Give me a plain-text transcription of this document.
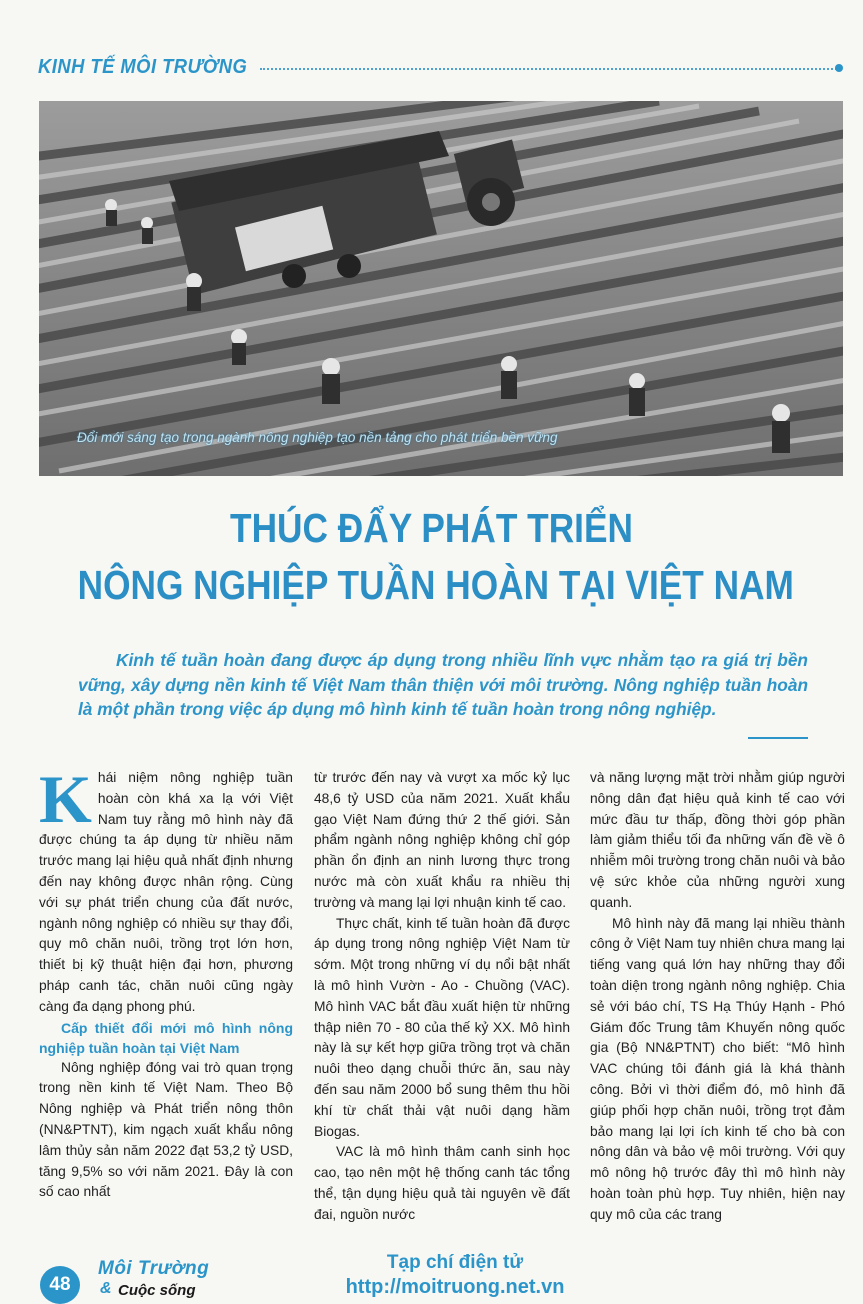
KINH TẾ MÔI TRƯỜNG
Đổi mới sáng tạo trong ngành nông nghiệp tạo nền tảng cho phát triển bền vững
THÚC ĐẨY PHÁT TRIỂN
NÔNG NGHIỆP TUẦN HOÀN TẠI VIỆT NAM
Kinh tế tuần hoàn đang được áp dụng trong nhiều lĩnh vực nhằm tạo ra giá trị bền vững, xây dựng nền kinh tế Việt Nam thân thiện với môi trường. Nông nghiệp tuần hoàn là một phần trong việc áp dụng mô hình kinh tế tuần hoàn trong nông nghiệp.

Khái niệm nông nghiệp tuần hoàn còn khá xa lạ với Việt Nam tuy rằng mô hình này đã được chúng ta áp dụng từ nhiều năm trước mang lại hiệu quả nhất định nhưng đến nay không được nhân rộng. Cùng với sự phát triển chung của đất nước, ngành nông nghiệp có nhiều sự thay đổi, quy mô chăn nuôi, trồng trọt lớn hơn, thiết bị kỹ thuật hiện đại hơn, phương pháp canh tác, chăn nuôi cũng ngày càng đa dạng phong phú.

Cấp thiết đổi mới mô hình nông nghiệp tuần hoàn tại Việt Nam

Nông nghiệp đóng vai trò quan trọng trong nền kinh tế Việt Nam. Theo Bộ Nông nghiệp và Phát triển nông thôn (NN&PTNT), kim ngạch xuất khẩu nông lâm thủy sản năm 2022 đạt 53,2 tỷ USD, tăng 9,5% so với năm 2021. Đây là con số cao nhất

từ trước đến nay và vượt xa mốc kỷ lục 48,6 tỷ USD của năm 2021. Xuất khẩu gạo Việt Nam đứng thứ 2 thế giới. Sản phẩm ngành nông nghiệp không chỉ góp phần ổn định an ninh lương thực trong nước mà còn xuất khẩu ra nhiều thị trường và mang lại lợi nhuận kinh tế cao.

Thực chất, kinh tế tuần hoàn đã được áp dụng trong nông nghiệp Việt Nam từ sớm. Một trong những ví dụ nổi bật nhất là mô hình Vườn - Ao - Chuồng (VAC). Mô hình VAC bắt đầu xuất hiện từ những thập niên 70 - 80 của thế kỷ XX. Mô hình này là sự kết hợp giữa trồng trọt và chăn nuôi theo dạng chuỗi thức ăn, sau này đến sau năm 2000 bổ sung thêm thu hồi khí từ chất thải vật nuôi dạng hầm Biogas.

VAC là mô hình thâm canh sinh học cao, tạo nên một hệ thống canh tác tổng thể, tận dụng hiệu quả tài nguyên về đất đai, nguồn nước

và năng lượng mặt trời nhằm giúp người nông dân đạt hiệu quả kinh tế cao với mức đầu tư thấp, đồng thời góp phần làm giảm thiểu tối đa những vấn đề về ô nhiễm môi trường trong chăn nuôi và bảo vệ sức khỏe của những người xung quanh.

Mô hình này đã mang lại nhiều thành công ở Việt Nam tuy nhiên chưa mang lại tiếng vang quá lớn hay những thay đổi toàn diện trong ngành nông nghiệp. Chia sẻ với báo chí, TS Hạ Thúy Hạnh - Phó Giám đốc Trung tâm Khuyến nông quốc gia (Bộ NN&PTNT) cho biết: “Mô hình VAC chúng tôi đánh giá là khá thành công. Bởi vì thời điểm đó, mô hình đã giúp phối hợp chăn nuôi, trồng trọt đảm bảo mang lại lợi ích kinh tế cho bà con nông dân và bảo vệ môi trường. Với quy mô nông hộ trước đây thì mô hình này hoàn toàn phù hợp. Tuy nhiên, hiện nay quy mô của các trang

48
Môi Trường
& Cuộc sống
Tạp chí điện tử
http://moitruong.net.vn
